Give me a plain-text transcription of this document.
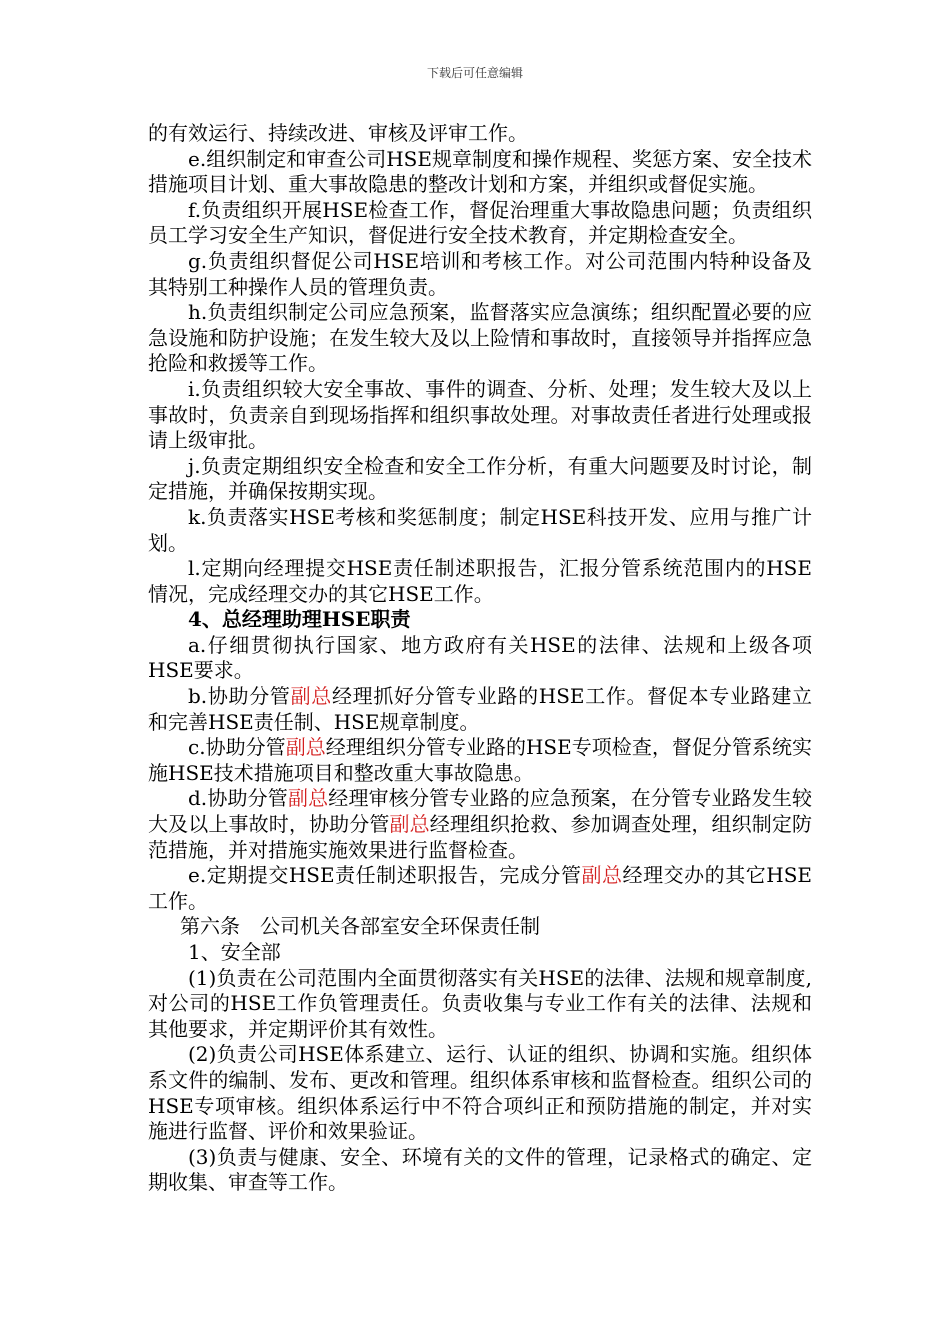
下载后可任意编辑

的有效运行、持续改进、审核及评审工作。

e.组织制定和审查公司HSE规章制度和操作规程、奖惩方案、安全技术措施项目计划、重大事故隐患的整改计划和方案，并组织或督促实施。

f.负责组织开展HSE检查工作，督促治理重大事故隐患问题；负责组织员工学习安全生产知识，督促进行安全技术教育，并定期检查安全。

g.负责组织督促公司HSE培训和考核工作。对公司范围内特种设备及其特别工种操作人员的管理负责。

h.负责组织制定公司应急预案，监督落实应急演练；组织配置必要的应急设施和防护设施；在发生较大及以上险情和事故时，直接领导并指挥应急抢险和救援等工作。

i.负责组织较大安全事故、事件的调查、分析、处理；发生较大及以上事故时，负责亲自到现场指挥和组织事故处理。对事故责任者进行处理或报请上级审批。

j.负责定期组织安全检查和安全工作分析，有重大问题要及时讨论，制定措施，并确保按期实现。

k.负责落实HSE考核和奖惩制度；制定HSE科技开发、应用与推广计划。

l.定期向经理提交HSE责任制述职报告，汇报分管系统范围内的HSE情况，完成经理交办的其它HSE工作。

4、总经理助理HSE职责

a.仔细贯彻执行国家、地方政府有关HSE的法律、法规和上级各项HSE要求。

b.协助分管副总经理抓好分管专业路的HSE工作。督促本专业路建立和完善HSE责任制、HSE规章制度。

c.协助分管副总经理组织分管专业路的HSE专项检查，督促分管系统实施HSE技术措施项目和整改重大事故隐患。

d.协助分管副总经理审核分管专业路的应急预案，在分管专业路发生较大及以上事故时，协助分管副总经理组织抢救、参加调查处理，组织制定防范措施，并对措施实施效果进行监督检查。

e.定期提交HSE责任制述职报告，完成分管副总经理交办的其它HSE工作。

第六条　公司机关各部室安全环保责任制

1、安全部

(1)负责在公司范围内全面贯彻落实有关HSE的法律、法规和规章制度,对公司的HSE工作负管理责任。负责收集与专业工作有关的法律、法规和其他要求，并定期评价其有效性。

(2)负责公司HSE体系建立、运行、认证的组织、协调和实施。组织体系文件的编制、发布、更改和管理。组织体系审核和监督检查。组织公司的HSE专项审核。组织体系运行中不符合项纠正和预防措施的制定，并对实施进行监督、评价和效果验证。

(3)负责与健康、安全、环境有关的文件的管理，记录格式的确定、定期收集、审查等工作。
